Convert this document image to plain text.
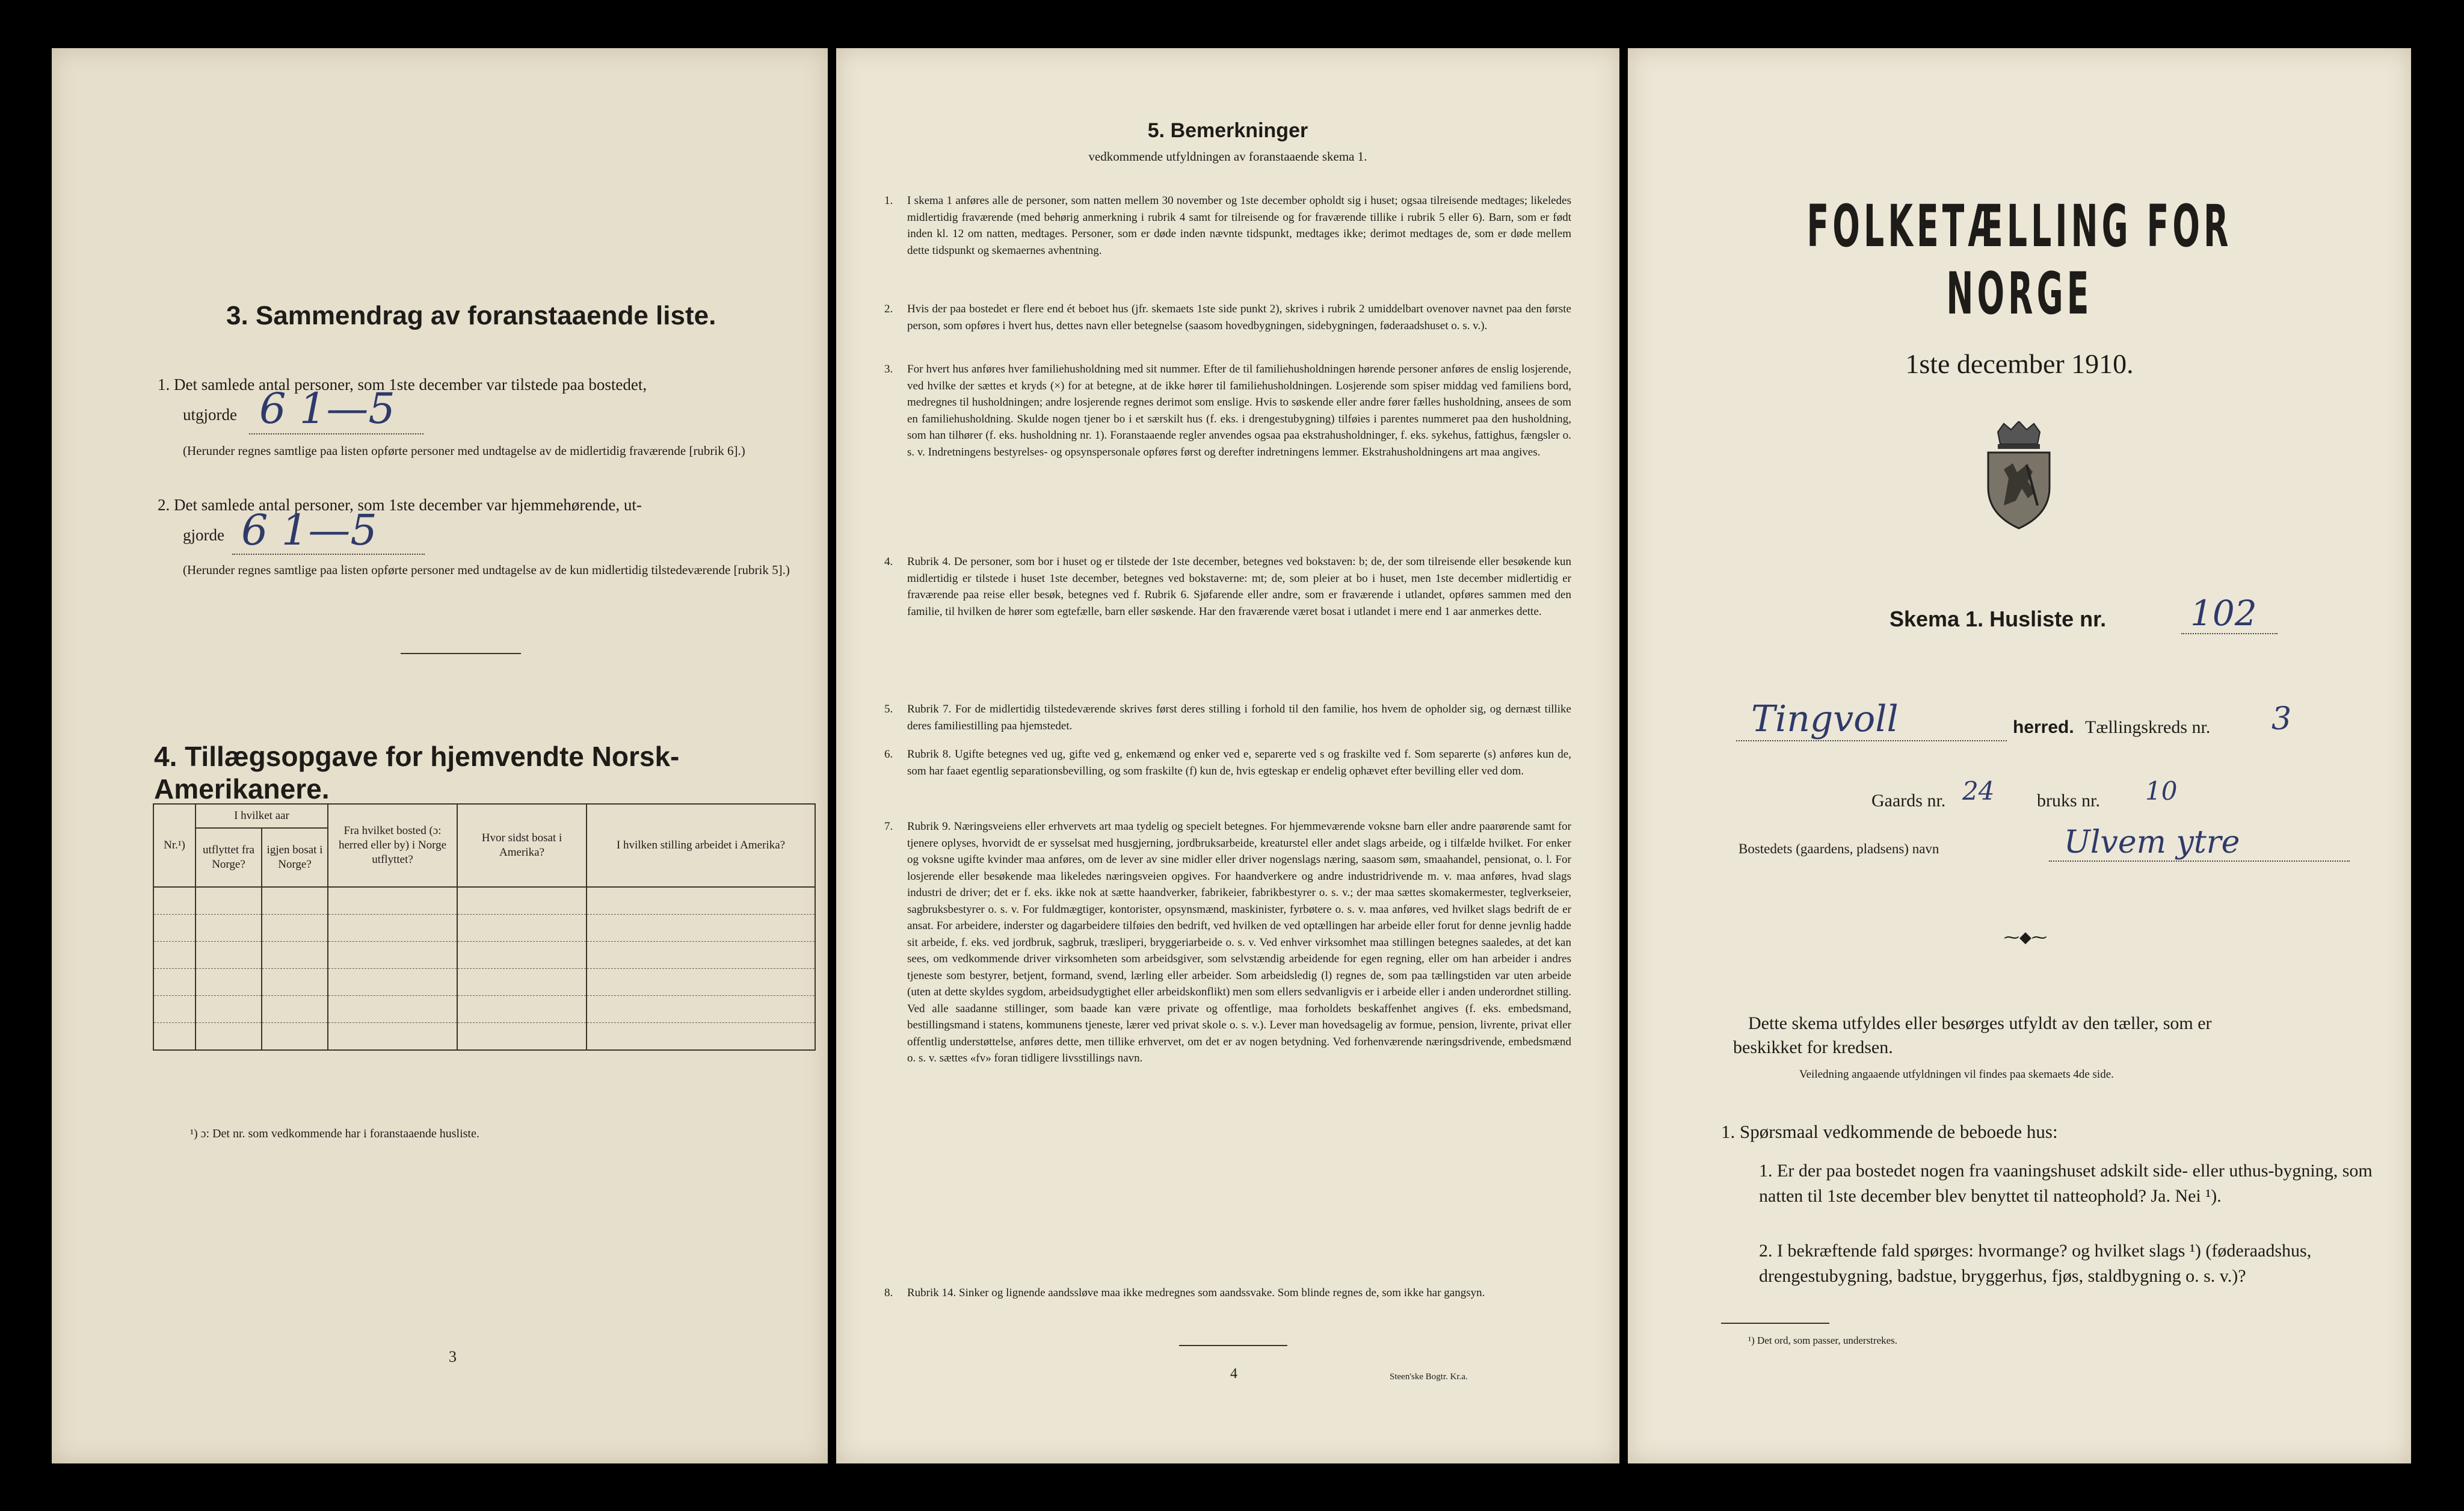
3. Sammendrag av foranstaaende liste.
1. Det samlede antal personer, som 1ste december var tilstede paa bostedet,
utgjorde 6 1—5
(Herunder regnes samtlige paa listen opførte personer med undtagelse av de midlertidig fraværende [rubrik 6].)
2. Det samlede antal personer, som 1ste december var hjemmehørende, ut-
gjorde 6 1—5
(Herunder regnes samtlige paa listen opførte personer med undtagelse av de kun midlertidig tilstedeværende [rubrik 5].)
4. Tillægsopgave for hjemvendte Norsk-Amerikanere.
Nr.¹)	I hvilket aar		Fra hvilket bosted (ɔ: herred eller by) i Norge utflyttet?	Hvor sidst bosat i Amerika?	I hvilken stilling arbeidet i Amerika?
	utflyttet fra Norge?	igjen bosat i Norge?			

¹) ɔ: Det nr. som vedkommende har i foranstaaende husliste.
3
5. Bemerkninger
vedkommende utfyldningen av foranstaaende skema 1.
1. I skema 1 anføres alle de personer, som natten mellem 30 november og 1ste december opholdt sig i huset; ogsaa tilreisende medtages; likeledes midlertidig fraværende (med behørig anmerkning i rubrik 4 samt for tilreisende og for fraværende tillike i rubrik 5 eller 6). Barn, som er født inden kl. 12 om natten, medtages. Personer, som er døde inden nævnte tidspunkt, medtages ikke; derimot medtages de, som er døde mellem dette tidspunkt og skemaernes avhentning.
2. Hvis der paa bostedet er flere end ét beboet hus (jfr. skemaets 1ste side punkt 2), skrives i rubrik 2 umiddelbart ovenover navnet paa den første person, som opføres i hvert hus, dettes navn eller betegnelse (saasom hovedbygningen, sidebygningen, føderaadshuset o. s. v.).
3. For hvert hus anføres hver familiehusholdning med sit nummer. Efter de til familiehusholdningen hørende personer anføres de enslig losjerende, ved hvilke der sættes et kryds (×) for at betegne, at de ikke hører til familiehusholdningen. Losjerende som spiser middag ved familiens bord, medregnes til husholdningen; andre losjerende regnes derimot som enslige. Hvis to søskende eller andre fører fælles husholdning, ansees de som en familiehusholdning. Skulde nogen tjener bo i et særskilt hus (f. eks. i drengestubygning) tilføies i parentes nummeret paa den husholdning, som han tilhører (f. eks. husholdning nr. 1). Foranstaaende regler anvendes ogsaa paa ekstrahusholdninger, f. eks. sykehus, fattighus, fængsler o. s. v. Indretningens bestyrelses- og opsynspersonale opføres først og derefter indretningens lemmer. Ekstrahusholdningens art maa angives.
4. Rubrik 4. De personer, som bor i huset og er tilstede der 1ste december, betegnes ved bokstaven: b; de, der som tilreisende eller besøkende kun midlertidig er tilstede i huset 1ste december, betegnes ved bokstaverne: mt; de, som pleier at bo i huset, men 1ste december midlertidig er fraværende paa reise eller besøk, betegnes ved f. Rubrik 6. Sjøfarende eller andre, som er fraværende i utlandet, opføres sammen med den familie, til hvilken de hører som egtefælle, barn eller søskende. Har den fraværende været bosat i utlandet i mere end 1 aar anmerkes dette.
5. Rubrik 7. For de midlertidig tilstedeværende skrives først deres stilling i forhold til den familie, hos hvem de opholder sig, og dernæst tillike deres familiestilling paa hjemstedet.
6. Rubrik 8. Ugifte betegnes ved ug, gifte ved g, enkemænd og enker ved e, separerte ved s og fraskilte ved f. Som separerte (s) anføres kun de, som har faaet egentlig separationsbevilling, og som fraskilte (f) kun de, hvis egteskap er endelig ophævet efter bevilling eller ved dom.
7. Rubrik 9. Næringsveiens eller erhvervets art maa tydelig og specielt betegnes. For hjemmeværende voksne barn eller andre paarørende samt for tjenere oplyses, hvorvidt de er sysselsat med husgjerning, jordbruksarbeide, kreaturstel eller andet slags arbeide, og i tilfælde hvilket. For enker og voksne ugifte kvinder maa anføres, om de lever av sine midler eller driver nogenslags næring, saasom søm, smaahandel, pensionat, o. l. For losjerende eller besøkende maa likeledes næringsveien opgives. For haandverkere og andre industridrivende m. v. maa anføres, hvad slags industri de driver; det er f. eks. ikke nok at sætte haandverker, fabrikeier, fabrikbestyrer o. s. v.; der maa sættes skomakermester, teglverkseier, sagbruksbestyrer o. s. v. For fuldmægtiger, kontorister, opsynsmænd, maskinister, fyrbøtere o. s. v. maa anføres, ved hvilket slags bedrift de er ansat. For arbeidere, inderster og dagarbeidere tilføies den bedrift, ved hvilken de ved optællingen har arbeide eller forut for denne jevnlig hadde sit arbeide, f. eks. ved jordbruk, sagbruk, træsliperi, bryggeriarbeide o. s. v. Ved enhver virksomhet maa stillingen betegnes saaledes, at det kan sees, om vedkommende driver virksomheten som arbeidsgiver, som selvstændig arbeidende for egen regning, eller om han arbeider i andres tjeneste som bestyrer, betjent, formand, svend, lærling eller arbeider. Som arbeidsledig (l) regnes de, som paa tællingstiden var uten arbeide (uten at dette skyldes sygdom, arbeidsudygtighet eller arbeidskonflikt) men som ellers sedvanligvis er i arbeide eller i anden underordnet stilling. Ved alle saadanne stillinger, som baade kan være private og offentlige, maa forholdets beskaffenhet angives (f. eks. embedsmand, bestillingsmand i statens, kommunens tjeneste, lærer ved privat skole o. s. v.). Lever man hovedsagelig av formue, pension, livrente, privat eller offentlig understøttelse, anføres dette, men tillike erhvervet, om det er av nogen betydning. Ved forhenværende næringsdrivende, embedsmænd o. s. v. sættes «fv» foran tidligere livsstillings navn.
8. Rubrik 14. Sinker og lignende aandssløve maa ikke medregnes som aandssvake. Som blinde regnes de, som ikke har gangsyn.
4	Steen'ske Bogtr. Kr.a.
FOLKETÆLLING FOR NORGE
1ste december 1910.
Skema 1. Husliste nr. 102
Tingvoll	herred. Tællingskreds nr. 3
Gaards nr. 24 bruks nr. 10
Bostedets (gaardens, pladsens) navn	Ulvem ytre
⁓◆⁓
Dette skema utfyldes eller besørges utfyldt av den tæller, som er
beskikket for kredsen.
Veiledning angaaende utfyldningen vil findes paa skemaets 4de side.
1. Spørsmaal vedkommende de beboede hus:
1. Er der paa bostedet nogen fra vaaningshuset adskilt side- eller uthus-bygning, som natten til 1ste december blev benyttet til natteophold? Ja. Nei ¹).
2. I bekræftende fald spørges: hvormange? og hvilket slags ¹) (føderaadshus, drengestubygning, badstue, bryggerhus, fjøs, staldbygning o. s. v.)?
¹) Det ord, som passer, understrekes.
